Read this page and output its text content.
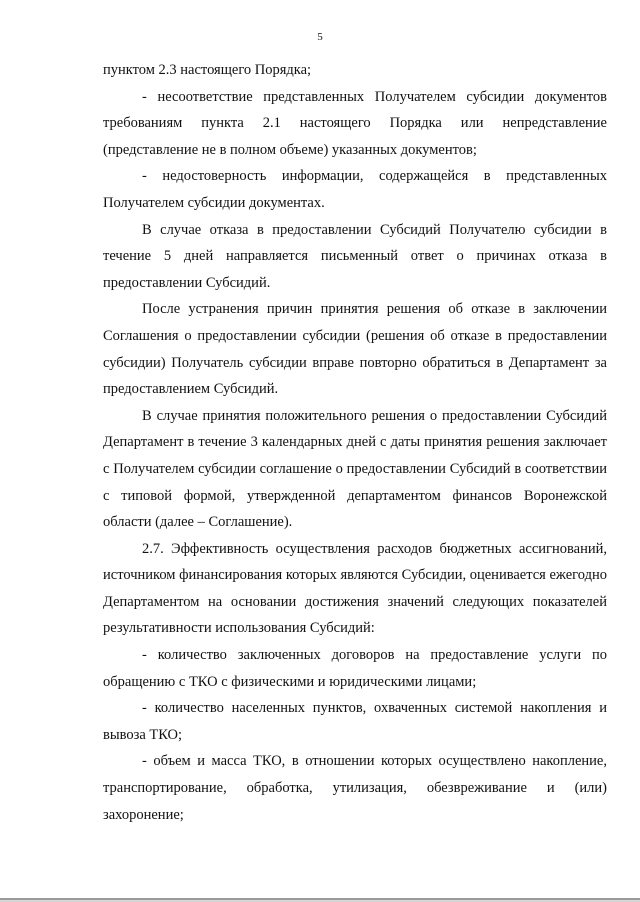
5

пунктом 2.3 настоящего Порядка;

- несоответствие представленных Получателем субсидии документов требованиям пункта 2.1 настоящего Порядка или непредставление (представление не в полном объеме) указанных документов;

- недостоверность информации, содержащейся в представленных Получателем субсидии документах.

В случае отказа в предоставлении Субсидий Получателю субсидии в течение 5 дней направляется письменный ответ о причинах отказа в предоставлении Субсидий.

После устранения причин принятия решения об отказе в заключении Соглашения о предоставлении субсидии (решения об отказе в предоставлении субсидии) Получатель субсидии вправе повторно обратиться в Департамент за предоставлением Субсидий.

В случае принятия положительного решения о предоставлении Субсидий Департамент в течение 3 календарных дней с даты принятия решения заключает с Получателем субсидии соглашение о предоставлении Субсидий в соответствии с типовой формой, утвержденной департаментом финансов Воронежской области (далее – Соглашение).

2.7. Эффективность осуществления расходов бюджетных ассигнований, источником финансирования которых являются Субсидии, оценивается ежегодно Департаментом на основании достижения значений следующих показателей результативности использования Субсидий:

- количество заключенных договоров на предоставление услуги по обращению с ТКО с физическими и юридическими лицами;

- количество населенных пунктов, охваченных системой накопления и вывоза ТКО;

- объем и масса ТКО, в отношении которых осуществлено накопление, транспортирование, обработка, утилизация, обезвреживание и (или) захоронение;
